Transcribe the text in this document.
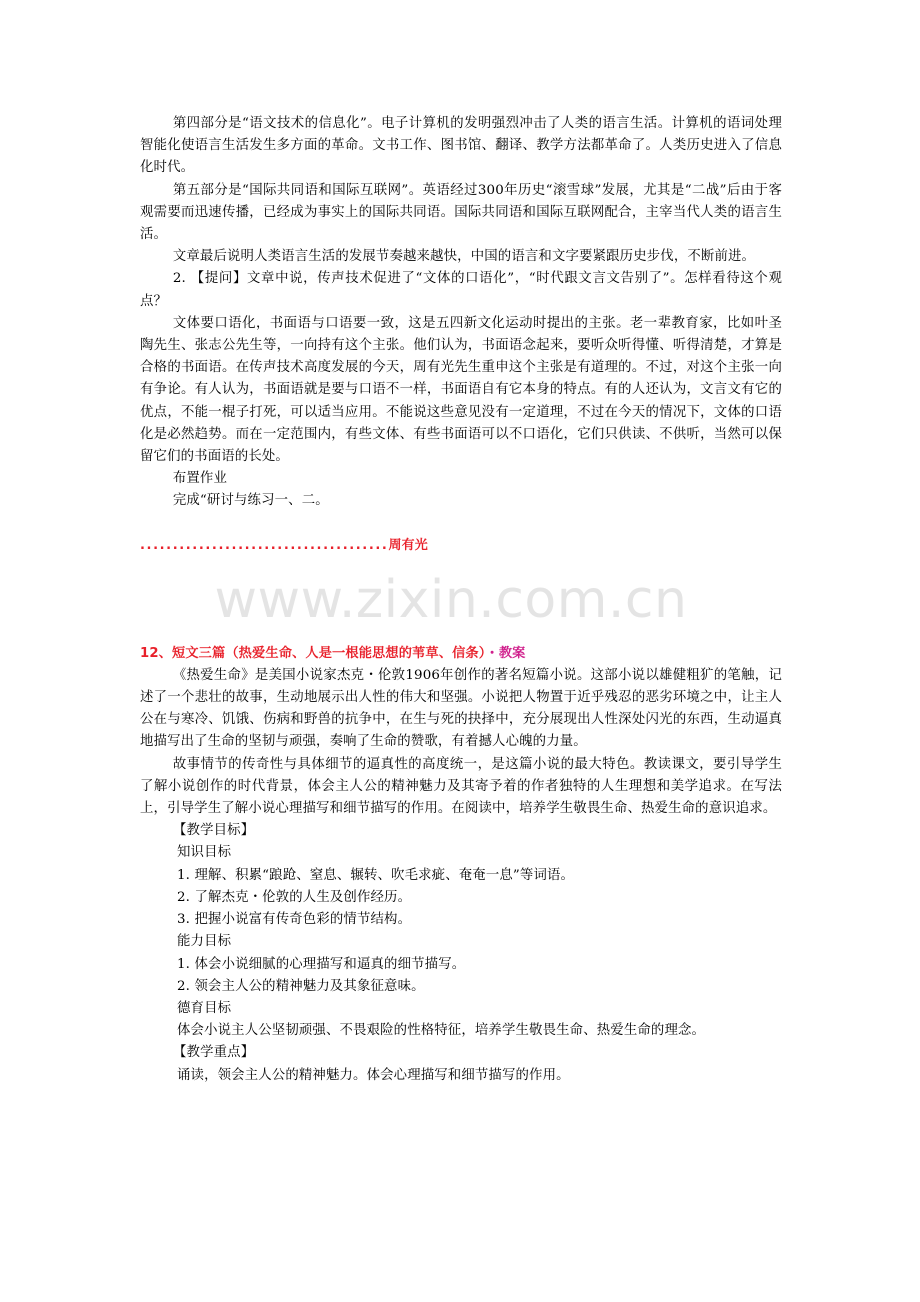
第四部分是“语文技术的信息化”。电子计算机的发明强烈冲击了人类的语言生活。计算机的语词处理智能化使语言生活发生多方面的革命。文书工作、图书馆、翻译、教学方法都革命了。人类历史进入了信息化时代。

第五部分是“国际共同语和国际互联网”。英语经过300年历史“滚雪球”发展，尤其是“二战”后由于客观需要而迅速传播，已经成为事实上的国际共同语。国际共同语和国际互联网配合，主宰当代人类的语言生活。

文章最后说明人类语言生活的发展节奏越来越快，中国的语言和文字要紧跟历史步伐，不断前进。

2. 【提问】文章中说，传声技术促进了“文体的口语化”，“时代跟文言文告别了”。怎样看待这个观点？

文体要口语化，书面语与口语要一致，这是五四新文化运动时提出的主张。老一辈教育家，比如叶圣陶先生、张志公先生等，一向持有这个主张。他们认为，书面语念起来，要听众听得懂、听得清楚，才算是合格的书面语。在传声技术高度发展的今天，周有光先生重申这个主张是有道理的。不过，对这个主张一向有争论。有人认为，书面语就是要与口语不一样，书面语自有它本身的特点。有的人还认为，文言文有它的优点，不能一棍子打死，可以适当应用。不能说这些意见没有一定道理，不过在今天的情况下，文体的口语化是必然趋势。而在一定范围内，有些文体、有些书面语可以不口语化，它们只供读、不供听，当然可以保留它们的书面语的长处。

布置作业

完成“研讨与练习一、二。

......................................周有光
www.zixin.com.cn

12、短文三篇（热爱生命、人是一根能思想的苇草、信条）・教案

《热爱生命》是美国小说家杰克・伦敦1906年创作的著名短篇小说。这部小说以雄健粗犷的笔触，记述了一个悲壮的故事，生动地展示出人性的伟大和坚强。小说把人物置于近乎残忍的恶劣环境之中，让主人公在与寒冷、饥饿、伤病和野兽的抗争中，在生与死的抉择中，充分展现出人性深处闪光的东西，生动逼真地描写出了生命的坚韧与顽强，奏响了生命的赞歌，有着撼人心魄的力量。

故事情节的传奇性与具体细节的逼真性的高度统一，是这篇小说的最大特色。教读课文，要引导学生了解小说创作的时代背景，体会主人公的精神魅力及其寄予着的作者独特的人生理想和美学追求。在写法上，引导学生了解小说心理描写和细节描写的作用。在阅读中，培养学生敬畏生命、热爱生命的意识追求。

【教学目标】

知识目标

1. 理解、积累“踉跄、窒息、辗转、吹毛求疵、奄奄一息”等词语。

2. 了解杰克・伦敦的人生及创作经历。

3. 把握小说富有传奇色彩的情节结构。

能力目标

1. 体会小说细腻的心理描写和逼真的细节描写。

2. 领会主人公的精神魅力及其象征意味。

德育目标

体会小说主人公坚韧顽强、不畏艰险的性格特征，培养学生敬畏生命、热爱生命的理念。

【教学重点】

诵读，领会主人公的精神魅力。体会心理描写和细节描写的作用。
